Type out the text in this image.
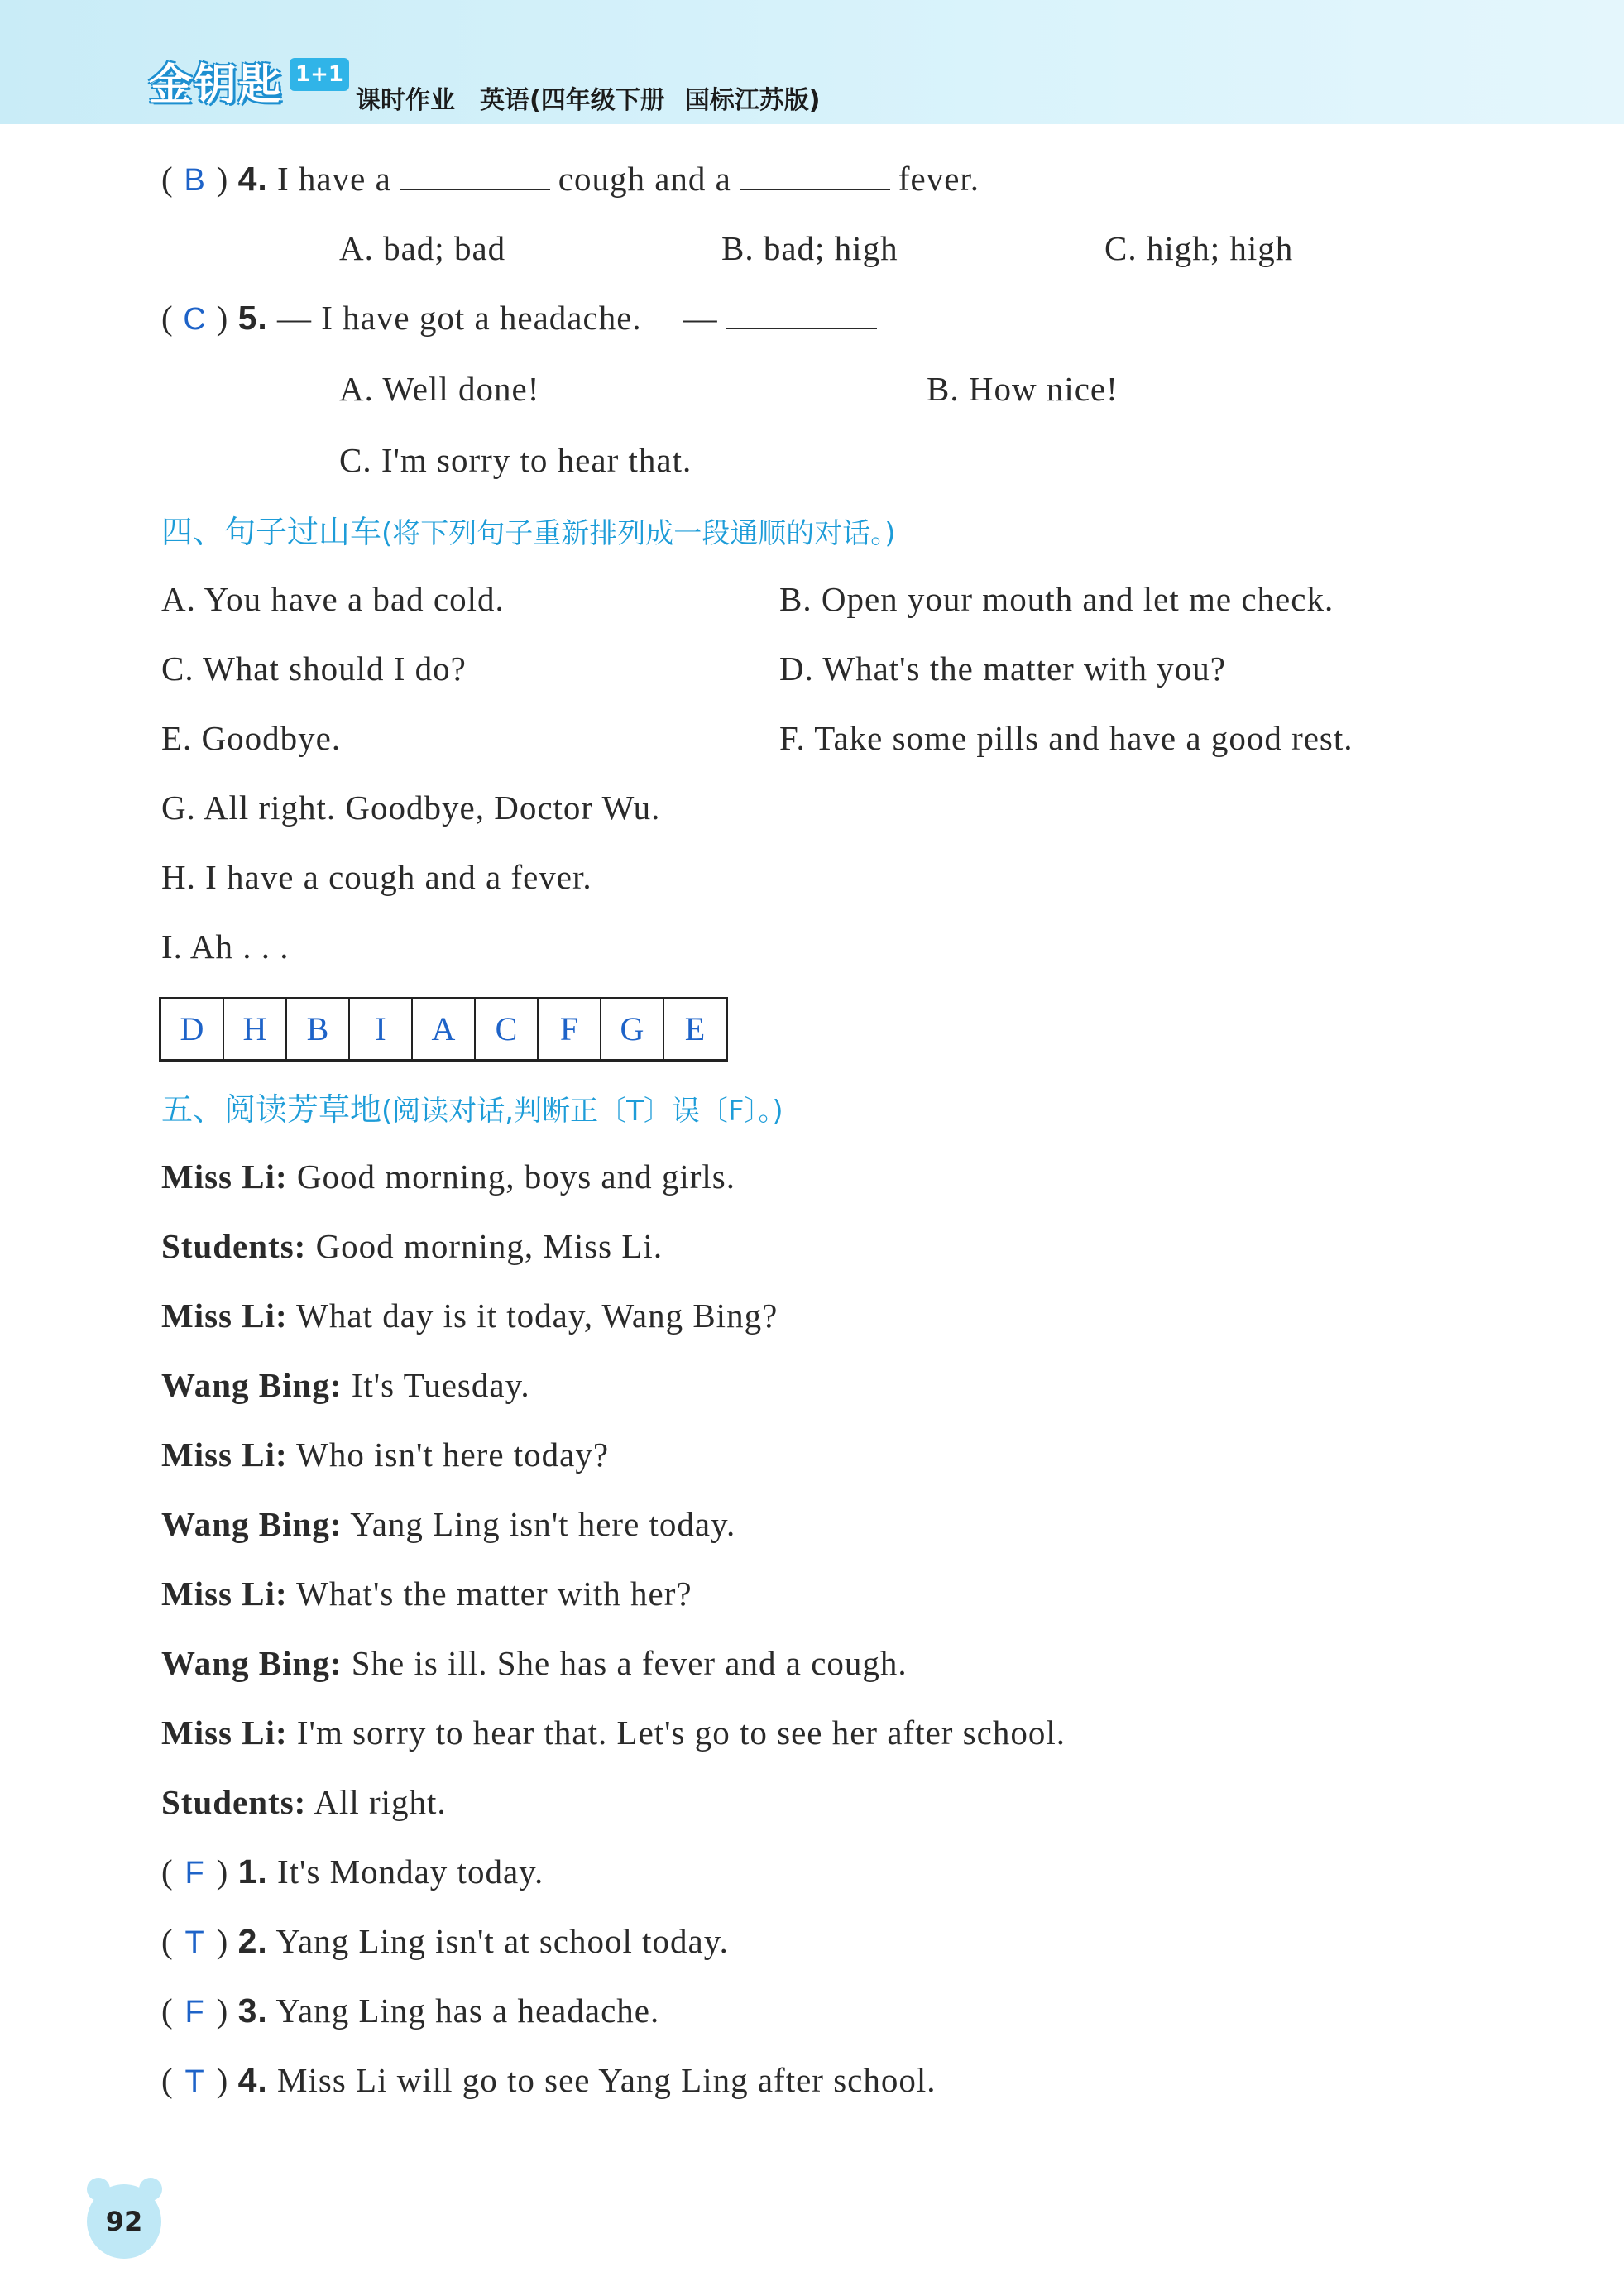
金钥匙 1+1
课时作业 英语(四年级下册 国标江苏版)
( B ) 4. I have a	cough and a	fever.
A. bad; bad	B. bad; high	C. high; high
( C ) 5. — I have got a headache. —
A. Well done!	B. How nice!
C. I'm sorry to hear that.
四、句子过山车(将下列句子重新排列成一段通顺的对话。)
A. You have a bad cold.	B. Open your mouth and let me check.
C. What should I do?	D. What's the matter with you?
E. Goodbye.	F. Take some pills and have a good rest.
G. All right. Goodbye, Doctor Wu.
H. I have a cough and a fever.
I. Ah . . .
D	H	B	I	A	C	F	G	E
五、阅读芳草地(阅读对话,判断正〔T〕误〔F〕。)
Miss Li: Good morning, boys and girls.
Students: Good morning, Miss Li.
Miss Li: What day is it today, Wang Bing?
Wang Bing: It's Tuesday.
Miss Li: Who isn't here today?
Wang Bing: Yang Ling isn't here today.
Miss Li: What's the matter with her?
Wang Bing: She is ill. She has a fever and a cough.
Miss Li: I'm sorry to hear that. Let's go to see her after school.
Students: All right.
( F ) 1. It's Monday today.
( T ) 2. Yang Ling isn't at school today.
( F ) 3. Yang Ling has a headache.
( T ) 4. Miss Li will go to see Yang Ling after school.
92
